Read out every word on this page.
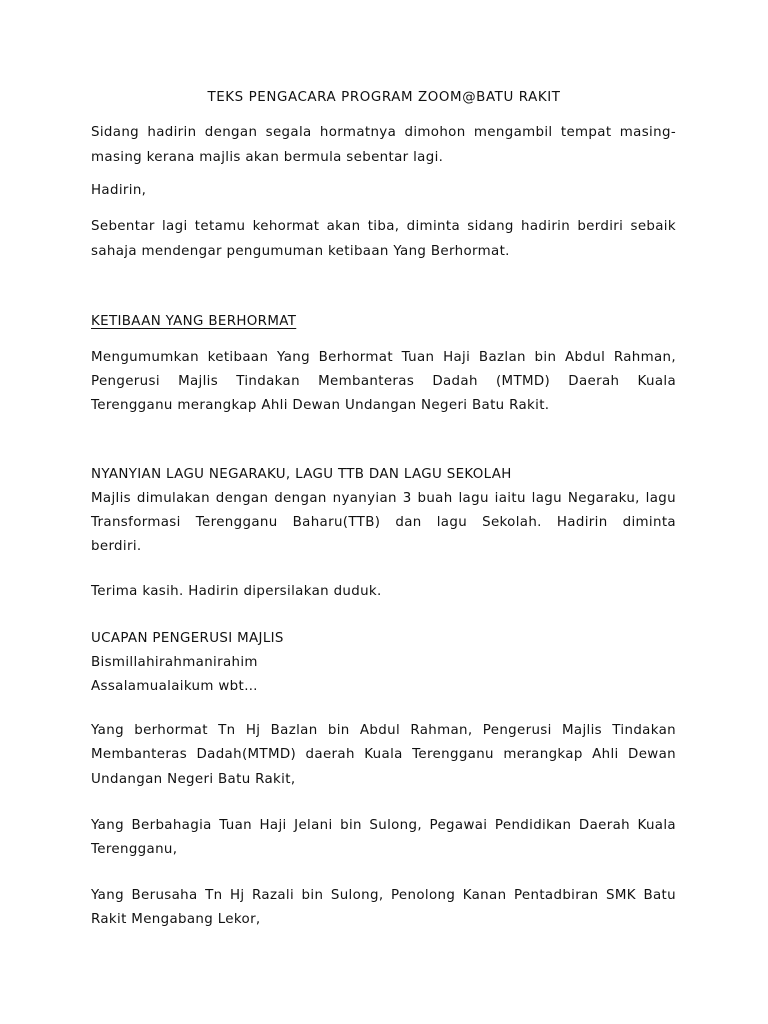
TEKS PENGACARA PROGRAM ZOOM@BATU RAKIT

Sidang hadirin dengan segala hormatnya dimohon mengambil tempat masing-

masing kerana majlis akan bermula sebentar lagi.

Hadirin,

Sebentar lagi tetamu kehormat akan tiba, diminta sidang hadirin berdiri sebaik

sahaja mendengar pengumuman ketibaan Yang Berhormat.

KETIBAAN YANG BERHORMAT

Mengumumkan ketibaan Yang Berhormat Tuan Haji Bazlan bin Abdul Rahman,

Pengerusi Majlis Tindakan Membanteras Dadah (MTMD) Daerah Kuala

Terengganu merangkap Ahli Dewan Undangan Negeri Batu Rakit.

NYANYIAN LAGU NEGARAKU, LAGU TTB DAN LAGU SEKOLAH

Majlis dimulakan dengan dengan nyanyian 3 buah lagu iaitu lagu Negaraku, lagu

Transformasi Terengganu Baharu(TTB) dan lagu Sekolah. Hadirin diminta

berdiri.

Terima kasih. Hadirin dipersilakan duduk.

UCAPAN PENGERUSI MAJLIS

Bismillahirahmanirahim

Assalamualaikum wbt…

Yang berhormat Tn Hj Bazlan bin Abdul Rahman, Pengerusi Majlis Tindakan

Membanteras Dadah(MTMD) daerah Kuala Terengganu merangkap Ahli Dewan

Undangan Negeri Batu Rakit,

Yang Berbahagia Tuan Haji Jelani bin Sulong, Pegawai Pendidikan Daerah Kuala

Terengganu,

Yang Berusaha Tn Hj Razali bin Sulong, Penolong Kanan Pentadbiran SMK Batu

Rakit Mengabang Lekor,
